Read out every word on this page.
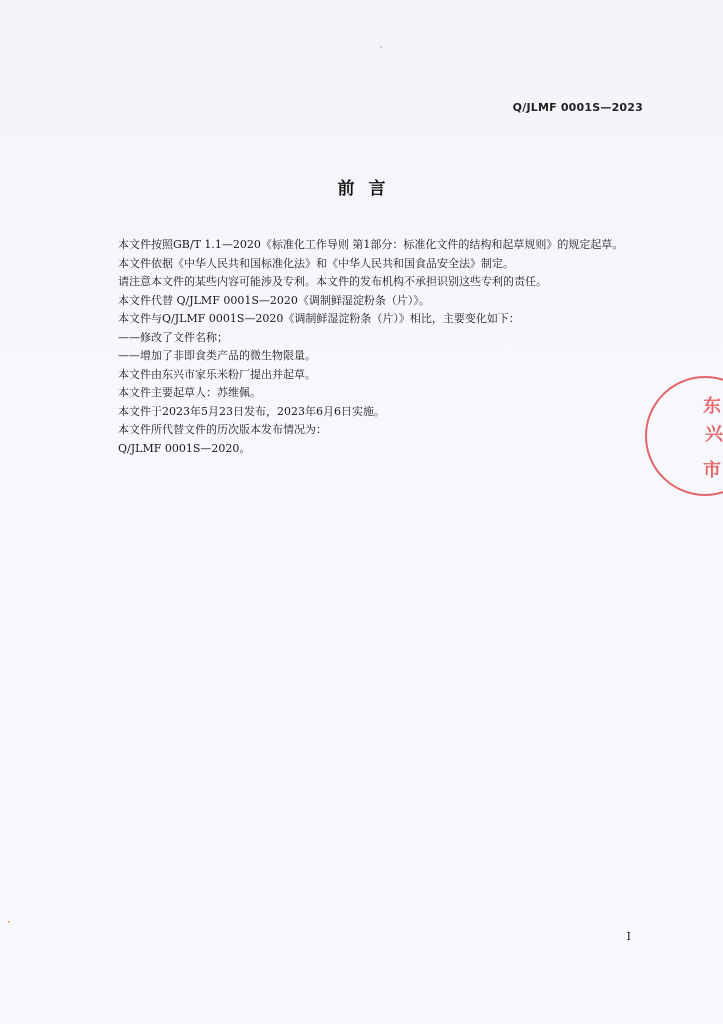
Q/JLMF 0001S—2023
前言

本文件按照GB/T 1.1—2020《标准化工作导则 第1部分：标准化文件的结构和起草规则》的规定起草。

本文件依据《中华人民共和国标准化法》和《中华人民共和国食品安全法》制定。

请注意本文件的某些内容可能涉及专利。本文件的发布机构不承担识别这些专利的责任。

本文件代替 Q/JLMF 0001S—2020《调制鲜湿淀粉条（片）》。

本文件与Q/JLMF 0001S—2020《调制鲜湿淀粉条（片）》相比，主要变化如下：

——修改了文件名称；

——增加了非即食类产品的微生物限量。

本文件由东兴市家乐米粉厂提出并起草。

本文件主要起草人：苏维佩。

本文件于2023年5月23日发布，2023年6月6日实施。

本文件所代替文件的历次版本发布情况为：

Q/JLMF 0001S—2020。

I
东
兴
市
